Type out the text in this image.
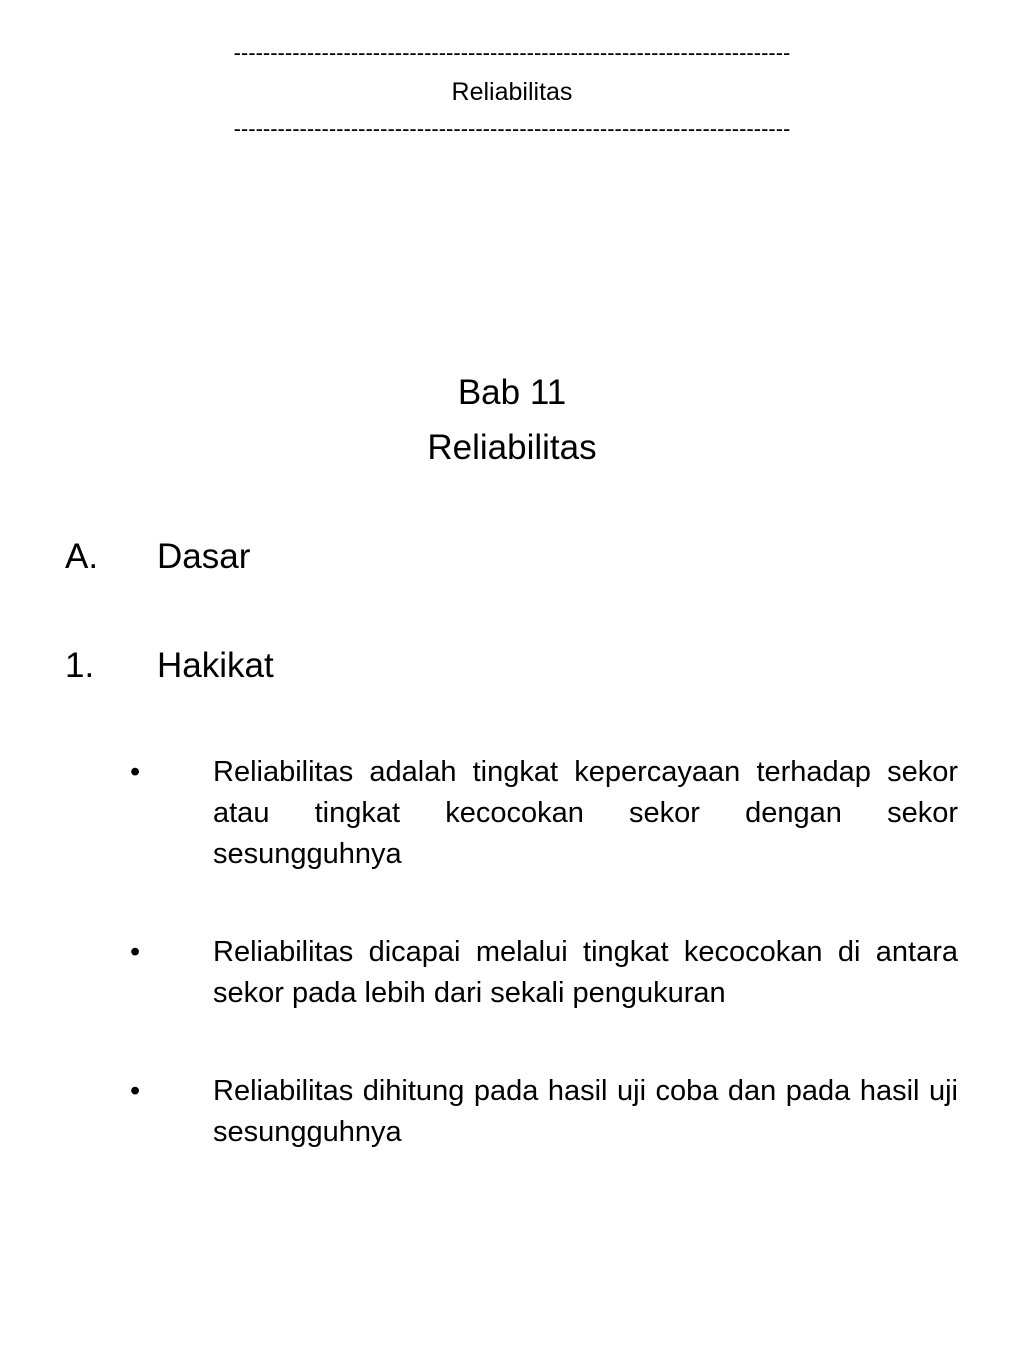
----------------------------------------------------------------------------
Reliabilitas
----------------------------------------------------------------------------
Bab 11
Reliabilitas
A. Dasar
1. Hakikat
•	Reliabilitas adalah tingkat kepercayaan terhadap sekor atau tingkat kecocokan sekor dengan sekor sesungguhnya
•	Reliabilitas dicapai melalui tingkat kecocokan di antara sekor pada lebih dari sekali pengukuran
•	Reliabilitas dihitung pada hasil uji coba dan pada hasil uji sesungguhnya
